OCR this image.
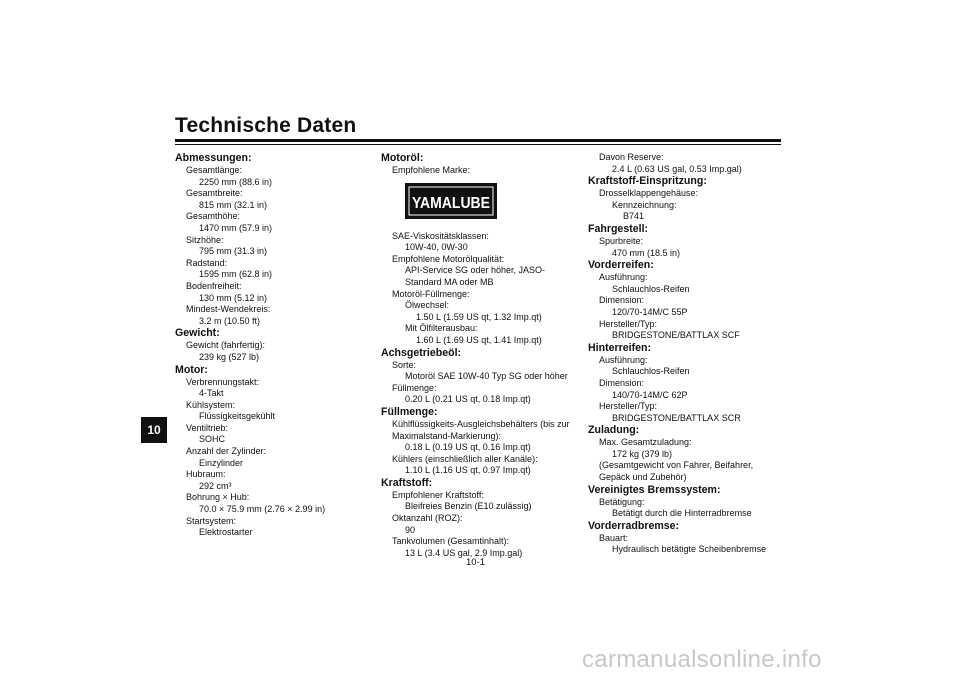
Technische Daten
10
Abmessungen:
Gesamtlänge:
2250 mm (88.6 in)
Gesamtbreite:
815 mm (32.1 in)
Gesamthöhe:
1470 mm (57.9 in)
Sitzhöhe:
795 mm (31.3 in)
Radstand:
1595 mm (62.8 in)
Bodenfreiheit:
130 mm (5.12 in)
Mindest-Wendekreis:
3.2 m (10.50 ft)
Gewicht:
Gewicht (fahrfertig):
239 kg (527 lb)
Motor:
Verbrennungstakt:
4-Takt
Kühlsystem:
Flüssigkeitsgekühlt
Ventiltrieb:
SOHC
Anzahl der Zylinder:
Einzylinder
Hubraum:
292 cm³
Bohrung × Hub:
70.0 × 75.9 mm (2.76 × 2.99 in)
Startsystem:
Elektrostarter
Motoröl:
Empfohlene Marke:
YAMALUBE
SAE-Viskositätsklassen:
10W-40, 0W-30
Empfohlene Motorölqualität:
API-Service SG oder höher, JASO-
Standard MA oder MB
Motoröl-Füllmenge:
Ölwechsel:
1.50 L (1.59 US qt, 1.32 Imp.qt)
Mit Ölfilterausbau:
1.60 L (1.69 US qt, 1.41 Imp.qt)
Achsgetriebeöl:
Sorte:
Motoröl SAE 10W-40 Typ SG oder höher
Füllmenge:
0.20 L (0.21 US qt, 0.18 Imp.qt)
Füllmenge:
Kühlflüssigkeits-Ausgleichsbehälters (bis zur
Maximalstand-Markierung):
0.18 L (0.19 US qt, 0.16 Imp.qt)
Kühlers (einschließlich aller Kanäle):
1.10 L (1.16 US qt, 0.97 Imp.qt)
Kraftstoff:
Empfohlener Kraftstoff:
Bleifreies Benzin (E10 zulässig)
Oktanzahl (ROZ):
90
Tankvolumen (Gesamtinhalt):
13 L (3.4 US gal, 2.9 Imp.gal)
Davon Reserve:
2.4 L (0.63 US gal, 0.53 Imp.gal)
Kraftstoff-Einspritzung:
Drosselklappengehäuse:
Kennzeichnung:
B741
Fahrgestell:
Spurbreite:
470 mm (18.5 in)
Vorderreifen:
Ausführung:
Schlauchlos-Reifen
Dimension:
120/70-14M/C 55P
Hersteller/Typ:
BRIDGESTONE/BATTLAX SCF
Hinterreifen:
Ausführung:
Schlauchlos-Reifen
Dimension:
140/70-14M/C 62P
Hersteller/Typ:
BRIDGESTONE/BATTLAX SCR
Zuladung:
Max. Gesamtzuladung:
172 kg (379 lb)
(Gesamtgewicht von Fahrer, Beifahrer,
Gepäck und Zubehör)
Vereinigtes Bremssystem:
Betätigung:
Betätigt durch die Hinterradbremse
Vorderradbremse:
Bauart:
Hydraulisch betätigte Scheibenbremse
10-1
carmanualsonline.info
